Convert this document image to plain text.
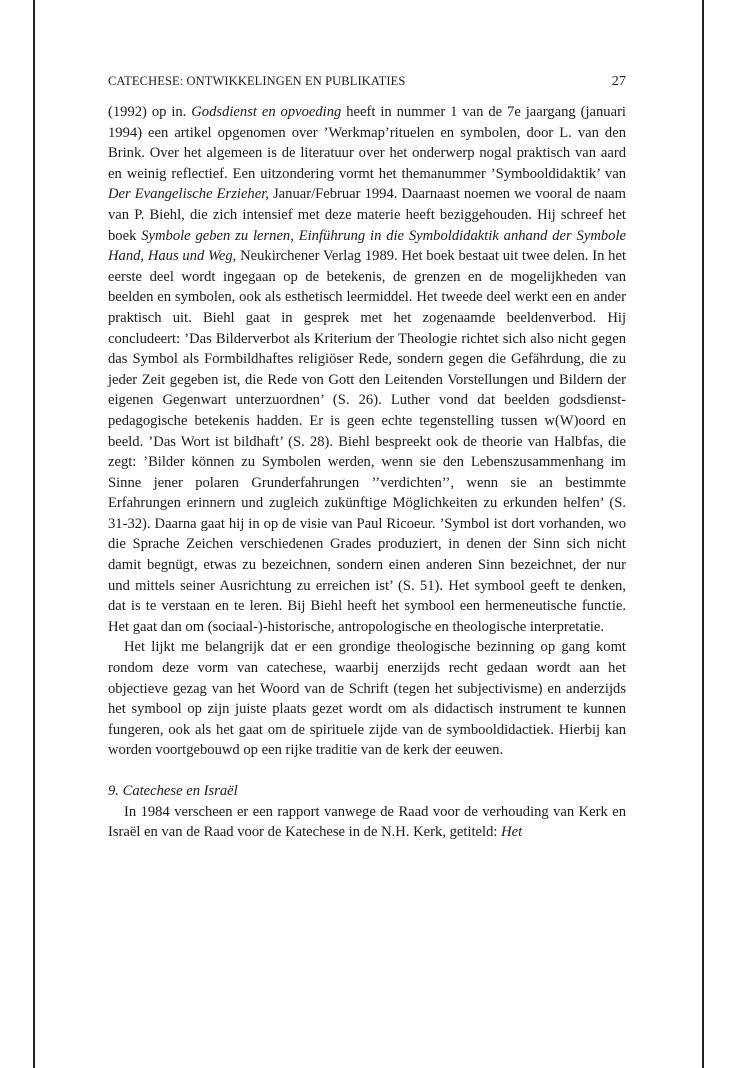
CATECHESE: ONTWIKKELINGEN EN PUBLIKATIES	27

(1992) op in. Godsdienst en opvoeding heeft in nummer 1 van de 7e jaargang (januari 1994) een artikel opgenomen over ’Werkmap’rituelen en symbolen, door L. van den Brink. Over het algemeen is de literatuur over het onderwerp nogal praktisch van aard en weinig reflectief. Een uitzondering vormt het themanummer ’Symbooldidaktik’ van Der Evangelische Erzieher, Januar/Februar 1994. Daarnaast noemen we vooral de naam van P. Biehl, die zich intensief met deze materie heeft beziggehouden. Hij schreef het boek Symbole geben zu lernen, Einführung in die Symboldidaktik anhand der Symbole Hand, Haus und Weg, Neukirchener Verlag 1989. Het boek bestaat uit twee delen. In het eerste deel wordt ingegaan op de betekenis, de grenzen en de mogelijkheden van beelden en symbolen, ook als esthetisch leermiddel. Het tweede deel werkt een en ander praktisch uit. Biehl gaat in gesprek met het zogenaamde beeldenverbod. Hij concludeert: ’Das Bilderverbot als Kriterium der Theologie richtet sich also nicht gegen das Symbol als Formbildhaftes religiöser Rede, sondern gegen die Gefährdung, die zu jeder Zeit gegeben ist, die Rede von Gott den Leitenden Vorstellungen und Bildern der eigenen Gegenwart unterzuordnen’ (S. 26). Luther vond dat beelden godsdienstpedagogische betekenis hadden. Er is geen echte tegenstelling tussen w(W)oord en beeld. ’Das Wort ist bildhaft’ (S. 28). Biehl bespreekt ook de theorie van Halbfas, die zegt: ’Bilder können zu Symbolen werden, wenn sie den Lebenszusammenhang im Sinne jener polaren Grunderfahrungen ’’verdichten’’, wenn sie an bestimmte Erfahrungen erinnern und zugleich zukünftige Möglichkeiten zu erkunden helfen’ (S. 31-32). Daarna gaat hij in op de visie van Paul Ricoeur. ’Symbol ist dort vorhanden, wo die Sprache Zeichen verschiedenen Grades produziert, in denen der Sinn sich nicht damit begnügt, etwas zu bezeichnen, sondern einen anderen Sinn bezeichnet, der nur und mittels seiner Ausrichtung zu erreichen ist’ (S. 51). Het symbool geeft te denken, dat is te verstaan en te leren. Bij Biehl heeft het symbool een hermeneutische functie. Het gaat dan om (sociaal-)-historische, antropologische en theologische interpretatie.

Het lijkt me belangrijk dat er een grondige theologische bezinning op gang komt rondom deze vorm van catechese, waarbij enerzijds recht gedaan wordt aan het objectieve gezag van het Woord van de Schrift (tegen het subjectivisme) en anderzijds het symbool op zijn juiste plaats gezet wordt om als didactisch instrument te kunnen fungeren, ook als het gaat om de spirituele zijde van de symbooldidactiek. Hierbij kan worden voortgebouwd op een rijke traditie van de kerk der eeuwen.

9. Catechese en Israël

In 1984 verscheen er een rapport vanwege de Raad voor de verhouding van Kerk en Israël en van de Raad voor de Katechese in de N.H. Kerk, getiteld: Het
